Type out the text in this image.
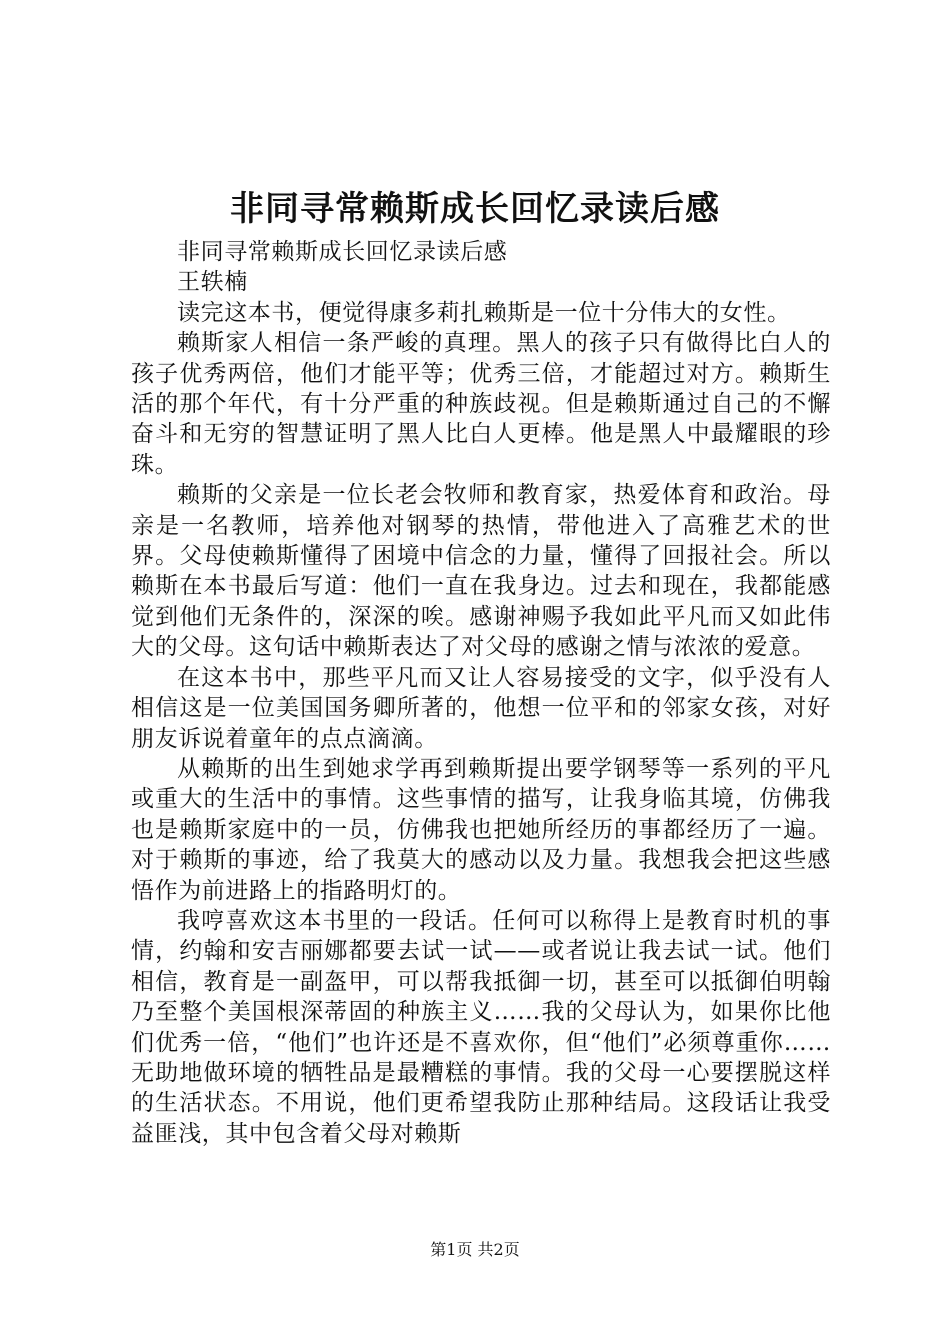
非同寻常赖斯成长回忆录读后感

非同寻常赖斯成长回忆录读后感

王轶楠

读完这本书，便觉得康多莉扎赖斯是一位十分伟大的女性。

赖斯家人相信一条严峻的真理。黑人的孩子只有做得比白人的孩子优秀两倍，他们才能平等；优秀三倍，才能超过对方。赖斯生活的那个年代，有十分严重的种族歧视。但是赖斯通过自己的不懈奋斗和无穷的智慧证明了黑人比白人更棒。他是黑人中最耀眼的珍珠。

赖斯的父亲是一位长老会牧师和教育家，热爱体育和政治。母亲是一名教师，培养他对钢琴的热情，带他进入了高雅艺术的世界。父母使赖斯懂得了困境中信念的力量，懂得了回报社会。所以赖斯在本书最后写道：他们一直在我身边。过去和现在，我都能感觉到他们无条件的，深深的唉。感谢神赐予我如此平凡而又如此伟大的父母。这句话中赖斯表达了对父母的感谢之情与浓浓的爱意。

在这本书中，那些平凡而又让人容易接受的文字，似乎没有人相信这是一位美国国务卿所著的，他想一位平和的邻家女孩，对好朋友诉说着童年的点点滴滴。

从赖斯的出生到她求学再到赖斯提出要学钢琴等一系列的平凡或重大的生活中的事情。这些事情的描写，让我身临其境，仿佛我也是赖斯家庭中的一员，仿佛我也把她所经历的事都经历了一遍。对于赖斯的事迹，给了我莫大的感动以及力量。我想我会把这些感悟作为前进路上的指路明灯的。

我哼喜欢这本书里的一段话。任何可以称得上是教育时机的事情，约翰和安吉丽娜都要去试一试——或者说让我去试一试。他们相信，教育是一副盔甲，可以帮我抵御一切，甚至可以抵御伯明翰乃至整个美国根深蒂固的种族主义……我的父母认为，如果你比他们优秀一倍，“他们”也许还是不喜欢你，但“他们”必须尊重你……无助地做环境的牺牲品是最糟糕的事情。我的父母一心要摆脱这样的生活状态。不用说，他们更希望我防止那种结局。这段话让我受益匪浅，其中包含着父母对赖斯

第1页 共2页
